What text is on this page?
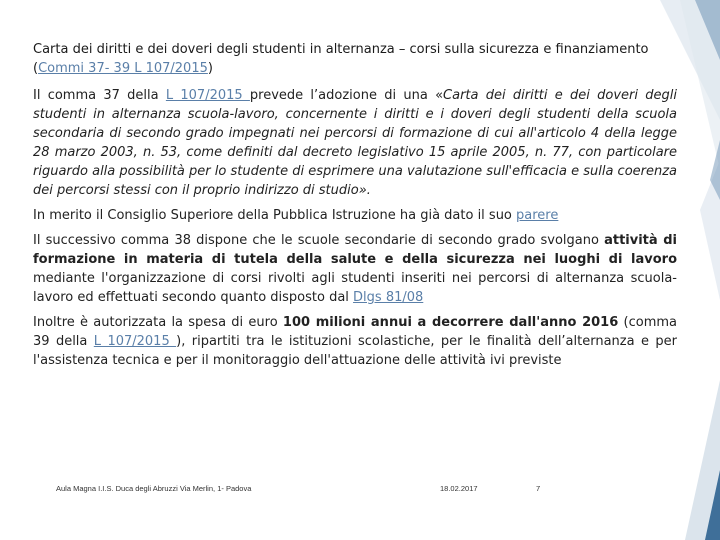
Carta dei diritti e dei doveri degli studenti in alternanza – corsi sulla sicurezza e finanziamento (Commi 37- 39 L 107/2015)

Il comma 37 della L 107/2015 prevede l’adozione di una «Carta dei diritti e dei doveri degli studenti in alternanza scuola-lavoro, concernente i diritti e i doveri degli studenti della scuola secondaria di secondo grado impegnati nei percorsi di formazione di cui all'articolo 4 della legge 28 marzo 2003, n. 53, come definiti dal decreto legislativo 15 aprile 2005, n. 77, con particolare riguardo alla possibilità per lo studente di esprimere una valutazione sull'efficacia e sulla coerenza dei percorsi stessi con il proprio indirizzo di studio».

In merito il Consiglio Superiore della Pubblica Istruzione ha già dato il suo parere

Il successivo comma 38 dispone che le scuole secondarie di secondo grado svolgano attività di formazione in materia di tutela della salute e della sicurezza nei luoghi di lavoro mediante l'organizzazione di corsi rivolti agli studenti inseriti nei percorsi di alternanza scuola-lavoro ed effettuati secondo quanto disposto dal Dlgs 81/08

Inoltre è autorizzata la spesa di euro 100 milioni annui a decorrere dall'anno 2016 (comma 39 della L 107/2015 ), ripartiti tra le istituzioni scolastiche, per le finalità dell’alternanza e per l'assistenza tecnica e per il monitoraggio dell'attuazione delle attività ivi previste

Aula Magna I.I.S. Duca degli Abruzzi Via Merlin, 1- Padova	18.02.2017	7
